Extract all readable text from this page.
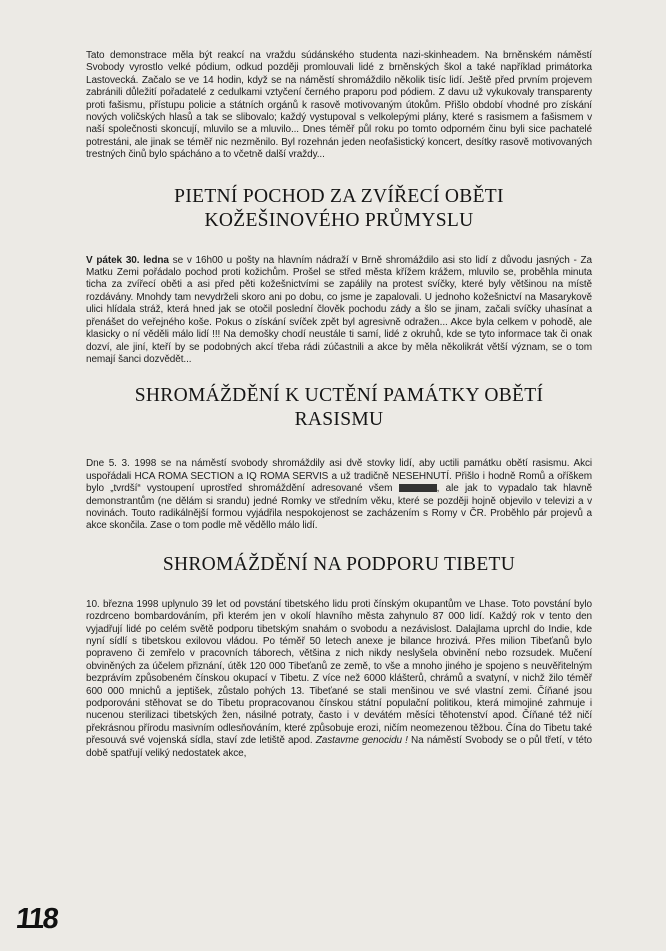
Tato demonstrace měla být reakcí na vraždu súdánského studenta nazi-skinheadem. Na brněnském náměstí Svobody vyrostlo velké pódium, odkud později promlouvali lidé z brněnských škol a také například primátorka Lastovecká. Začalo se ve 14 hodin, když se na náměstí shromáždilo několik tisíc lidí. Ještě před prvním projevem zabránili důležití pořadatelé z cedulkami vztyčení černého praporu pod pódiem. Z davu už vykukovaly transparenty proti fašismu, přístupu policie a státních orgánů k rasově motivovaným útokům. Přišlo období vhodné pro získání nových voličských hlasů a tak se slibovalo; každý vystupoval s velkolepými plány, které s rasismem a fašismem v naší společnosti skoncují, mluvilo se a mluvilo... Dnes téměř půl roku po tomto odporném činu byli sice pachatelé potrestáni, ale jinak se téměř nic nezměnilo. Byl rozehnán jeden neofašistický koncert, desítky rasově motivovaných trestných činů bylo spácháno a to včetně další vraždy...

PIETNÍ POCHOD ZA ZVÍŘECÍ OBĚTI
KOŽEŠINOVÉHO PRŮMYSLU

V pátek 30. ledna se v 16h00 u pošty na hlavním nádraží v Brně shromáždilo asi sto lidí z důvodu jasných - Za Matku Zemi pořádalo pochod proti kožichům. Prošel se střed města křížem krážem, mluvilo se, proběhla minuta ticha za zvířecí oběti a asi před pěti kožešnictvími se zapálily na protest svíčky, které byly většinou na místě rozdávány. Mnohdy tam nevydrželi skoro ani po dobu, co jsme je zapalovali. U jednoho kožešnictví na Masarykově ulici hlídala stráž, která hned jak se otočil poslední člověk pochodu zády a šlo se jinam, začali svíčky uhasínat a přenášet do veřejného koše. Pokus o získání svíček zpět byl agresivně odražen... Akce byla celkem v pohodě, ale klasicky o ní věděli málo lidí !!! Na demošky chodí neustále ti samí, lidé z okruhů, kde se tyto informace tak či onak dozví, ale jiní, kteří by se podobných akcí třeba rádi zúčastnili a akce by měla několikrát větší význam, se o tom nemají šanci dozvědět...

SHROMÁŽDĚNÍ K UCTĚNÍ PAMÁTKY OBĚTÍ
RASISMU

Dne 5. 3. 1998 se na náměstí svobody shromáždily asi dvě stovky lidí, aby uctili památku obětí rasismu. Akci uspořádali HCA ROMA SECTION a IQ ROMA SERVIS a už tradičně NESEHNUTÍ. Přišlo i hodně Romů a oříškem bylo „tvrdší“ vystoupení uprostřed shromáždění adresované všem	, ale jak to vypadalo tak hlavně demonstrantům (ne dělám si srandu) jedné Romky ve středním věku, které se později hojně objevilo v televizi a v novinách. Touto radikálnější formou vyjádřila nespokojenost se zacházením s Romy v ČR. Proběhlo pár projevů a akce skončila. Zase o tom podle mě věděllo málo lidí.

SHROMÁŽDĚNÍ NA PODPORU TIBETU

10. března 1998 uplynulo 39 let od povstání tibetského lidu proti čínským okupantům ve Lhase. Toto povstání bylo rozdrceno bombardováním, při kterém jen v okolí hlavního města zahynulo 87 000 lidí. Každý rok v tento den vyjadřují lidé po celém světě podporu tibetským snahám o svobodu a nezávislost. Dalajlama uprchl do Indie, kde nyní sídlí s tibetskou exilovou vládou. Po téměř 50 letech anexe je bilance hrozivá. Přes milion Tibeťanů bylo popraveno či zemřelo v pracovních táborech, většina z nich nikdy neslyšela obvinění nebo rozsudek. Mučení obviněných za účelem přiznání, útěk 120 000 Tibeťanů ze země, to vše a mnoho jiného je spojeno s neuvěřitelným bezprávím způsobeném čínskou okupací v Tibetu. Z více než 6000 klášterů, chrámů a svatyní, v nichž žilo téměř 600 000 mnichů a jeptišek, zůstalo pohých 13. Tibeťané se stali menšinou ve své vlastní zemi. Číňané jsou podporováni stěhovat se do Tibetu propracovanou čínskou státní populační politikou, která mimojiné zahrnuje i nucenou sterilizaci tibetských žen, násilné potraty, často i v devátém měsíci těhotenství apod. Číňané též ničí překrásnou přírodu masivním odlesňováním, které způsobuje erozi, ničím neomezenou těžbou. Čína do Tibetu také přesouvá své vojenská sídla, staví zde letiště apod. Zastavme genocidu ! Na náměstí Svobody se o půl třetí, v této době spatřují veliký nedostatek akce,

118
